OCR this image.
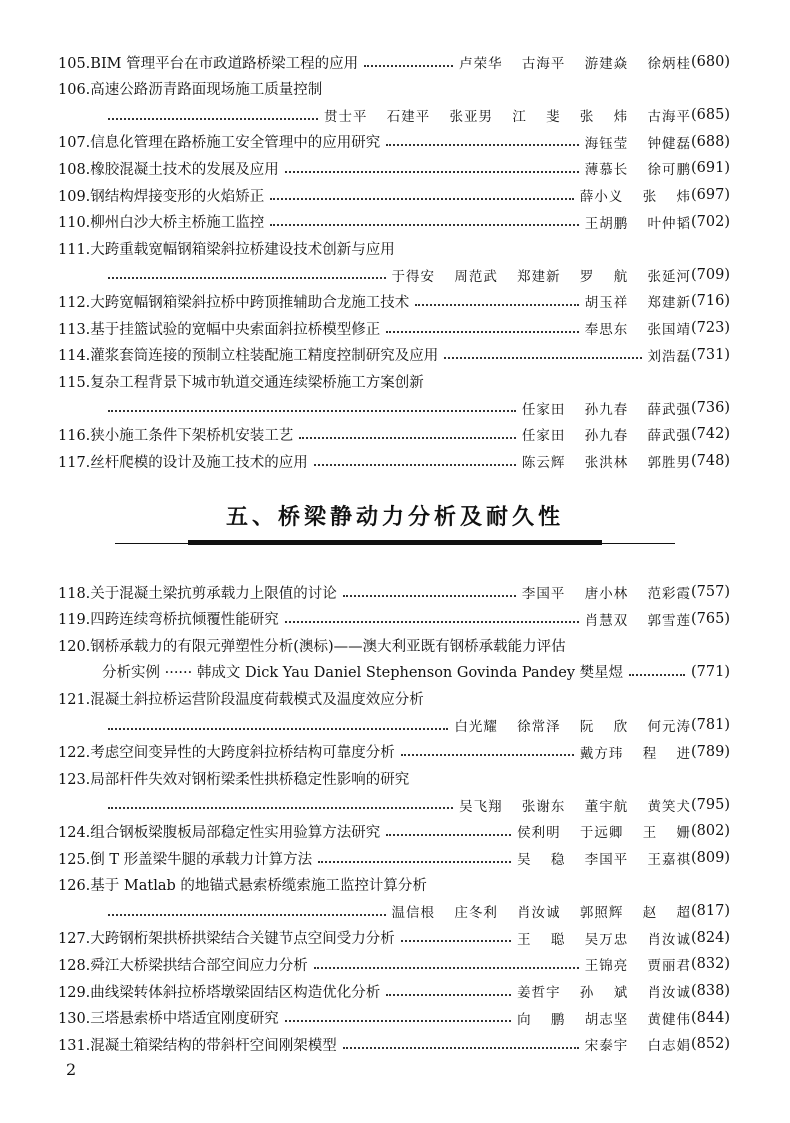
105.BIM 管理平台在市政道路桥梁工程的应用	卢荣华 古海平 游建焱 徐炳桂 (680)
106.高速公路沥青路面现场施工质量控制
贯士平 石建平 张亚男 江 斐 张 炜 古海平 (685)
107.信息化管理在路桥施工安全管理中的应用研究	海钰莹 钟健磊 (688)
108.橡胶混凝土技术的发展及应用	薄慕长 徐可鹏 (691)
109.钢结构焊接变形的火焰矫正	薛小义 张 炜 (697)
110.柳州白沙大桥主桥施工监控	王胡鹏 叶仲韬 (702)
111.大跨重载宽幅钢箱梁斜拉桥建设技术创新与应用
于得安 周范武 郑建新 罗 航 张延河 (709)
112.大跨宽幅钢箱梁斜拉桥中跨顶推辅助合龙施工技术	胡玉祥 郑建新 (716)
113.基于挂篮试验的宽幅中央索面斜拉桥模型修正	奉思东 张国靖 (723)
114.灌浆套筒连接的预制立柱装配施工精度控制研究及应用	刘浩磊 (731)
115.复杂工程背景下城市轨道交通连续梁桥施工方案创新
任家田 孙九春 薛武强 (736)
116.狭小施工条件下架桥机安装工艺	任家田 孙九春 薛武强 (742)
117.丝杆爬模的设计及施工技术的应用	陈云辉 张洪林 郭胜男 (748)
五、桥梁静动力分析及耐久性
118.关于混凝土梁抗剪承载力上限值的讨论	李国平 唐小林 范彩霞 (757)
119.四跨连续弯桥抗倾覆性能研究	肖慧双 郭雪莲 (765)
120.钢桥承载力的有限元弹塑性分析(澳标)——澳大利亚既有钢桥承载能力评估
分析实例 ······ 韩成文 Dick Yau Daniel Stephenson Govinda Pandey 樊星煜	(771)
121.混凝土斜拉桥运营阶段温度荷载模式及温度效应分析
白光耀 徐常泽 阮 欣 何元涛 (781)
122.考虑空间变异性的大跨度斜拉桥结构可靠度分析	戴方玮 程 进 (789)
123.局部杆件失效对钢桁梁柔性拱桥稳定性影响的研究
吴飞翔 张谢东 董宇航 黄笑犬 (795)
124.组合钢板梁腹板局部稳定性实用验算方法研究	侯利明 于远卿 王 姗 (802)
125.倒 T 形盖梁牛腿的承载力计算方法	吴 稳 李国平 王嘉祺 (809)
126.基于 Matlab 的地锚式悬索桥缆索施工监控计算分析
温信根 庄冬利 肖汝诚 郭照辉 赵 超 (817)
127.大跨钢桁架拱桥拱梁结合关键节点空间受力分析	王 聪 吴万忠 肖汝诚 (824)
128.舜江大桥梁拱结合部空间应力分析	王锦亮 贾丽君 (832)
129.曲线梁转体斜拉桥塔墩梁固结区构造优化分析	姜哲宇 孙 斌 肖汝诚 (838)
130.三塔悬索桥中塔适宜刚度研究	向 鹏 胡志坚 黄健伟 (844)
131.混凝土箱梁结构的带斜杆空间刚架模型	宋泰宇 白志娟 (852)
2
